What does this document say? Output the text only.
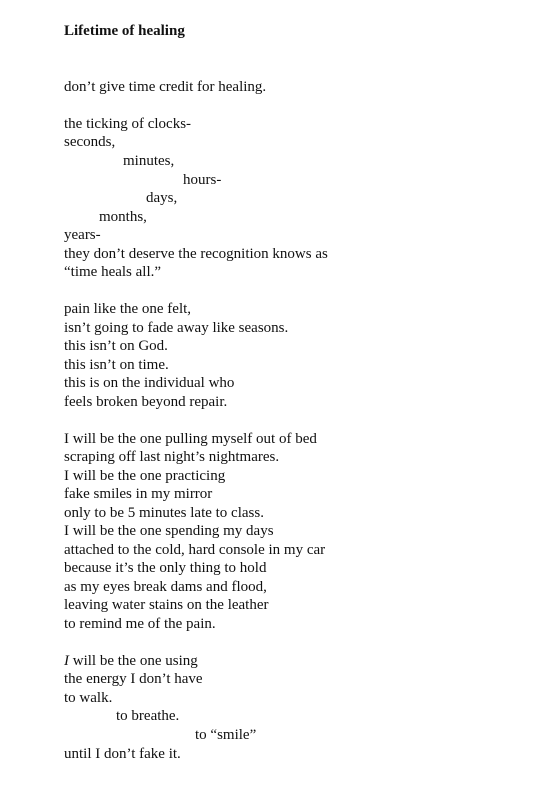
Lifetime of healing
don’t give time credit for healing.
the ticking of clocks-
seconds,
minutes,
hours-
days,
months,
years-
they don’t deserve the recognition knows as
“time heals all.”
pain like the one felt,
isn’t going to fade away like seasons.
this isn’t on God.
this isn’t on time.
this is on the individual who
feels broken beyond repair.
I will be the one pulling myself out of bed
scraping off last night’s nightmares.
I will be the one practicing
fake smiles in my mirror
only to be 5 minutes late to class.
I will be the one spending my days
attached to the cold, hard console in my car
because it’s the only thing to hold
as my eyes break dams and flood,
leaving water stains on the leather
to remind me of the pain.
I will be the one using
the energy I don’t have
to walk.
to breathe.
to “smile”
until I don’t fake it.
